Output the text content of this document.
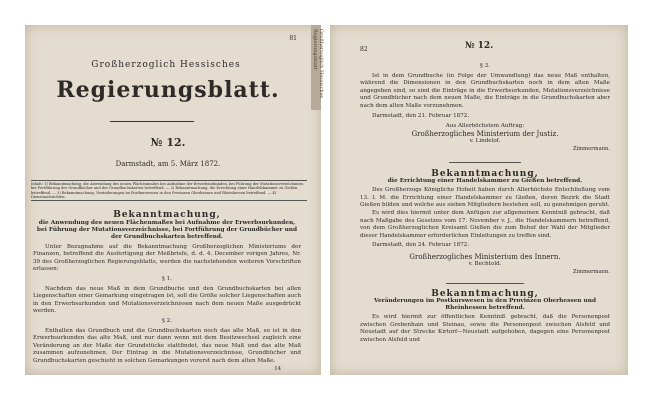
Großherzoglich Hessisches Regierungsblatt
81
Großherzoglich Hessisches
Regierungsblatt.
№ 12.
Darmstadt, am 5. März 1872.
Inhalt: 1) Bekanntmachung, die Anwendung des neuen Flächenmaßes bei Aufnahme der Erwerbsurkunden, bei Führung der Mutationsverzeichnisse, bei Fortführung der Grundbücher und der Grundbuchskarten betreffend. — 2) Bekanntmachung, die Errichtung einer Handelskammer zu Gießen betreffend. — 3) Bekanntmachung, Veränderungen im Postkurswesen in den Provinzen Oberhessen und Rheinhessen betreffend. — 4) Dienstnachrichten.
Bekanntmachung,
die Anwendung des neuen Flächenmaßes bei Aufnahme der Erwerbsurkunden, bei Führung der Mutationsverzeichnisse, bei Fortführung der Grundbücher und der Grundbuchskarten betreffend.

Unter Bezugnahme auf die Bekanntmachung Großherzoglichen Ministeriums der Finanzen, betreffend die Ausfertigung der Meßbriefe, d. d. 4. December vorigen Jahres, Nr. 39 des Großherzoglichen Regierungsblatts, werden die nachstehenden weiteren Vorschriften erlassen:

§ 1.

Nachdem das neue Maß in dem Grundbuche und den Grundbuchskarten bei allen Liegenschaften einer Gemarkung eingetragen ist, soll die Größe solcher Liegenschaften auch in den Erwerbsurkunden und Mutationsverzeichnissen nach dem neuen Maße ausgedrückt werden.

§ 2.

Enthalten das Grundbuch und die Grundbuchskarten noch das alte Maß, so ist in den Erwerbsurkunden das alte Maß, und nur dann wenn mit dem Besitzwechsel zugleich eine Veränderung an der Maße der Grundstücke stattfindet, das neue Maß und das alte Maß zusammen aufzunehmen. Der Eintrag in die Mutationsverzeichnisse, Grundbücher und Grundbuchskarten geschieht in solchen Gemarkungen vorerst nach dem alten Maße.

14
82	№ 12.
§ 3.

Ist in dem Grundbuche (in Folge der Umwandlung) das neue Maß enthalten, während die Dimensionen in den Grundbuchskarten noch in dem alten Maße angegeben sind, so sind die Einträge in die Erwerbsurkunden, Mutationsverzeichnisse und Grundbücher nach dem neuen Maße, die Einträge in die Grundbuchskarten aber nach dem alten Maße vorzunehmen.

Darmstadt, den 21. Februar 1872.

Aus Allerhöchstem Auftrag:
Großherzogliches Ministerium der Justiz.
v. Lindelof.
Zimmermann.
Bekanntmachung,
die Errichtung einer Handelskammer zu Gießen betreffend.

Des Großherzogs Königliche Hoheit haben durch Allerhöchste Entschließung vom 13. l. M. die Errichtung einer Handelskammer zu Gießen, deren Bezirk die Stadt Gießen bilden und welche aus sieben Mitgliedern bestehen soll, zu genehmigen geruht.

Es wird dies hiermit unter dem Anfügen zur allgemeinen Kenntniß gebracht, daß nach Maßgabe des Gesetzes vom 17. November v. J., die Handelskammern betreffend, von dem Großherzoglichen Kreisamt Gießen die zum Behuf der Wahl der Mitglieder dieser Handelskammer erforderlichen Einleitungen zu treffen sind.

Darmstadt, den 24. Februar 1872.

Großherzogliches Ministerium des Innern.
v. Bechtold.
Zimmermann.
Bekanntmachung,
Veränderungen im Postkurswesen in den Provinzen Oberhessen und Rheinhessen betreffend.

Es wird hiermit zur öffentlichen Kenntniß gebracht, daß die Personenpost zwischen Grebenhain und Steinau, sowie die Personenpost zwischen Alsfeld und Neustadt auf der Strecke Kirtorf—Neustadt aufgehoben, dagegen eine Personenpost zwischen Alsfeld und
